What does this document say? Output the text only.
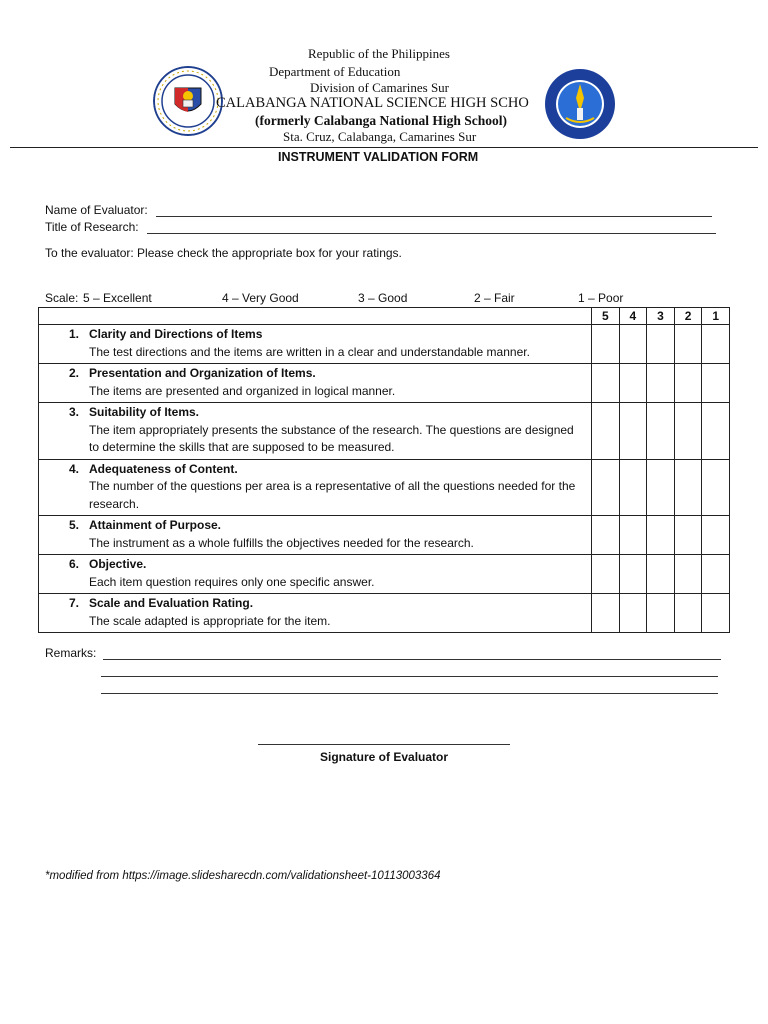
Republic of the Philippines
Department of Education
Division of Camarines Sur
CALABANGA NATIONAL SCIENCE HIGH SCHO
(formerly Calabanga National High School)
Sta. Cruz, Calabanga, Camarines Sur
INSTRUMENT VALIDATION FORM
Name of Evaluator:
Title of Research:
To the evaluator: Please check the appropriate box for your ratings.
Scale: 5 – Excellent	4 – Very Good	3 – Good	2 – Fair	1 – Poor
	5	4	3	2	1

1. Clarity and Directions of Items
The test directions and the items are written in a clear and understandable manner.					

2. Presentation and Organization of Items.
The items are presented and organized in logical manner.					

3. Suitability of Items.
The item appropriately presents the substance of the research. The questions are designed to determine the skills that are supposed to be measured.					

4. Adequateness of Content.
The number of the questions per area is a representative of all the questions needed for the research.					

5. Attainment of Purpose.
The instrument as a whole fulfills the objectives needed for the research.					

6. Objective.
Each item question requires only one specific answer.					

7. Scale and Evaluation Rating.
The scale adapted is appropriate for the item.					

Remarks:
Signature of Evaluator
*modified from https://image.slidesharecdn.com/validationsheet-10113003364
